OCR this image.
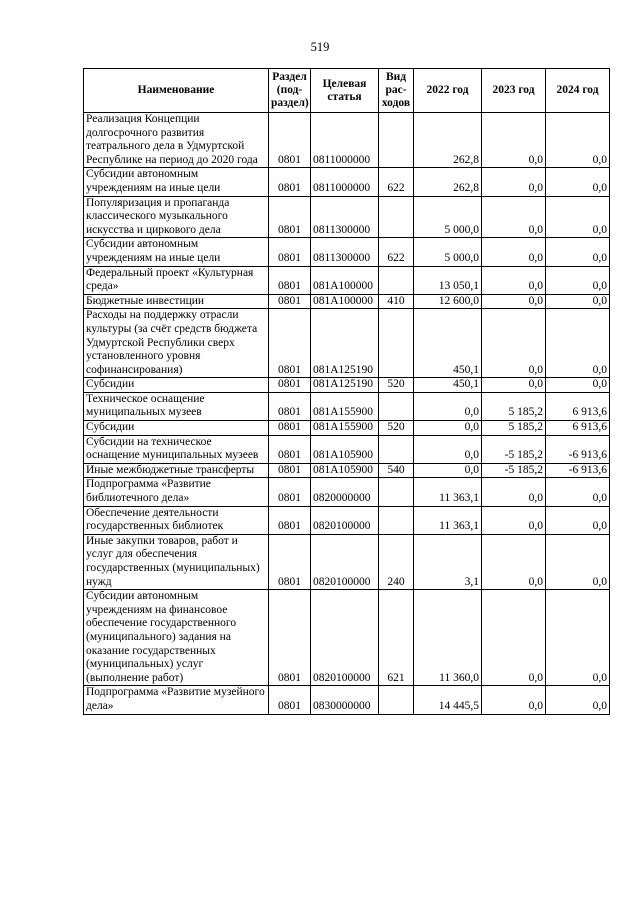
519
Наименование	Раздел (под-раздел)	Целевая статья	Вид рас-ходов	2022 год	2023 год	2024 год
Реализация Концепции долгосрочного развития театрального дела в Удмуртской Республике на период до 2020 года	0801	0811000000		262,8	0,0	0,0
Субсидии автономным учреждениям на иные цели	0801	0811000000	622	262,8	0,0	0,0
Популяризация и пропаганда классического музыкального искусства и циркового дела	0801	0811300000		5 000,0	0,0	0,0
Субсидии автономным учреждениям на иные цели	0801	0811300000	622	5 000,0	0,0	0,0
Федеральный проект «Культурная среда»	0801	081A100000		13 050,1	0,0	0,0
Бюджетные инвестиции	0801	081A100000	410	12 600,0	0,0	0,0
Расходы на поддержку отрасли культуры (за счёт средств бюджета Удмуртской Республики сверх установленного уровня софинансирования)	0801	081A125190		450,1	0,0	0,0
Субсидии	0801	081A125190	520	450,1	0,0	0,0
Техническое оснащение муниципальных музеев	0801	081A155900		0,0	5 185,2	6 913,6
Субсидии	0801	081A155900	520	0,0	5 185,2	6 913,6
Субсидии на техническое оснащение муниципальных музеев	0801	081A105900		0,0	-5 185,2	-6 913,6
Иные межбюджетные трансферты	0801	081A105900	540	0,0	-5 185,2	-6 913,6
Подпрограмма «Развитие библиотечного дела»	0801	0820000000		11 363,1	0,0	0,0
Обеспечение деятельности государственных библиотек	0801	0820100000		11 363,1	0,0	0,0
Иные закупки товаров, работ и услуг для обеспечения государственных (муниципальных) нужд	0801	0820100000	240	3,1	0,0	0,0
Субсидии автономным учреждениям на финансовое обеспечение государственного (муниципального) задания на оказание государственных (муниципальных) услуг (выполнение работ)	0801	0820100000	621	11 360,0	0,0	0,0
Подпрограмма «Развитие музейного дела»	0801	0830000000		14 445,5	0,0	0,0
